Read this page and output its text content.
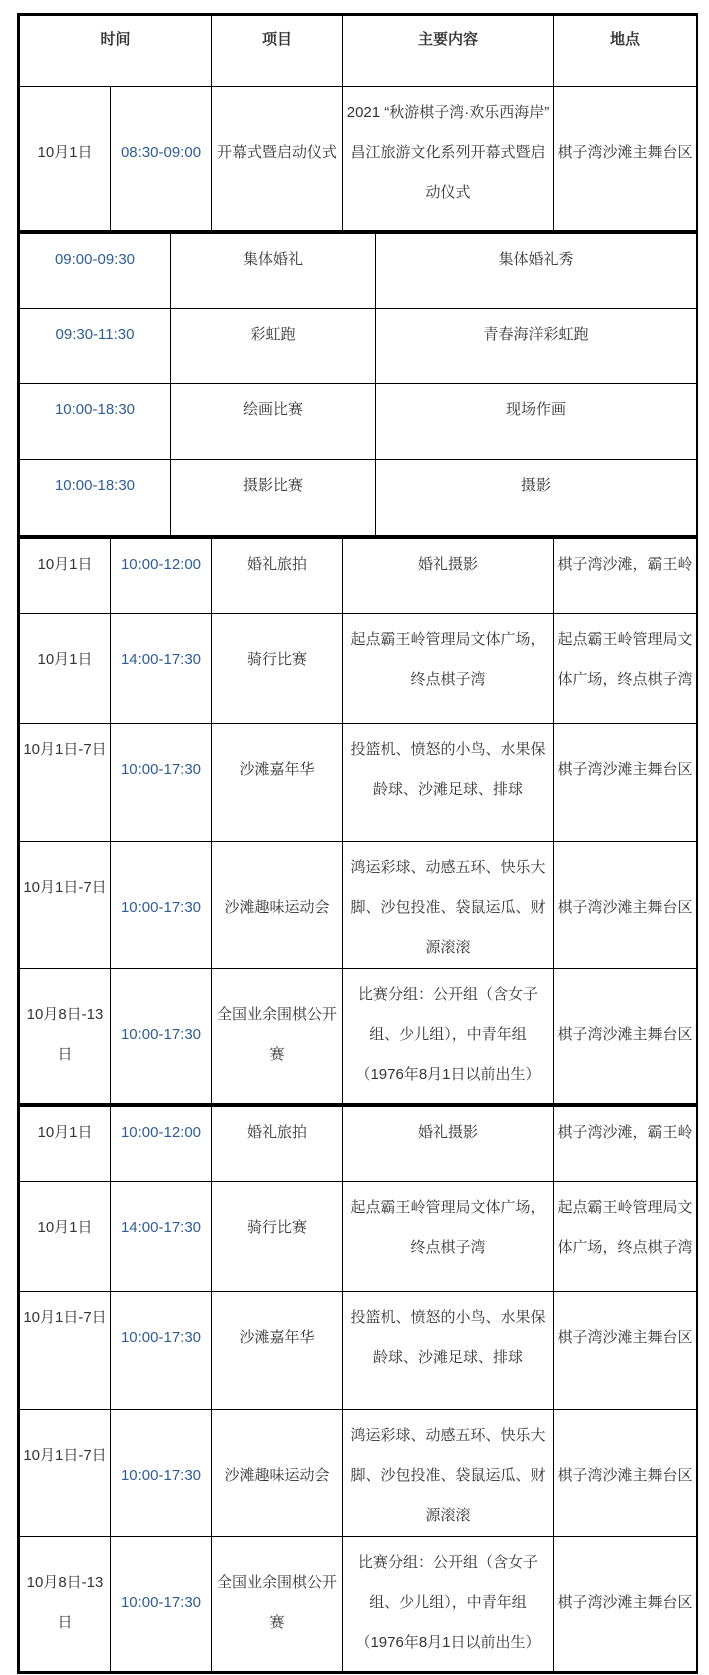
时间		项目	主要内容	地点
10月1日	08:30-09:00	开幕式暨启动仪式	2021 “秋游棋子湾·欢乐西海岸” 昌江旅游文化系列开幕式暨启动仪式	棋子湾沙滩主舞台区
09:00-09:30	集体婚礼	集体婚礼秀
09:30-11:30	彩虹跑	青春海洋彩虹跑
10:00-18:30	绘画比赛	现场作画
10:00-18:30	摄影比赛	摄影
10月1日	10:00-12:00	婚礼旅拍	婚礼摄影	棋子湾沙滩，霸王岭
10月1日	14:00-17:30	骑行比赛	起点霸王岭管理局文体广场，终点棋子湾	起点霸王岭管理局文体广场，终点棋子湾
10月1日-7日	10:00-17:30	沙滩嘉年华	投篮机、愤怒的小鸟、水果保龄球、沙滩足球、排球	棋子湾沙滩主舞台区
10月1日-7日	10:00-17:30	沙滩趣味运动会	鸿运彩球、动感五环、快乐大脚、沙包投准、袋鼠运瓜、财源滚滚	棋子湾沙滩主舞台区
10月8日-13日	10:00-17:30	全国业余围棋公开赛	比赛分组：公开组（含女子组、少儿组），中青年组（1976年8月1日以前出生）	棋子湾沙滩主舞台区
10月1日	10:00-12:00	婚礼旅拍	婚礼摄影	棋子湾沙滩，霸王岭
10月1日	14:00-17:30	骑行比赛	起点霸王岭管理局文体广场，终点棋子湾	起点霸王岭管理局文体广场，终点棋子湾
10月1日-7日	10:00-17:30	沙滩嘉年华	投篮机、愤怒的小鸟、水果保龄球、沙滩足球、排球	棋子湾沙滩主舞台区
10月1日-7日	10:00-17:30	沙滩趣味运动会	鸿运彩球、动感五环、快乐大脚、沙包投准、袋鼠运瓜、财源滚滚	棋子湾沙滩主舞台区
10月8日-13日	10:00-17:30	全国业余围棋公开赛	比赛分组：公开组（含女子组、少儿组），中青年组（1976年8月1日以前出生）	棋子湾沙滩主舞台区
